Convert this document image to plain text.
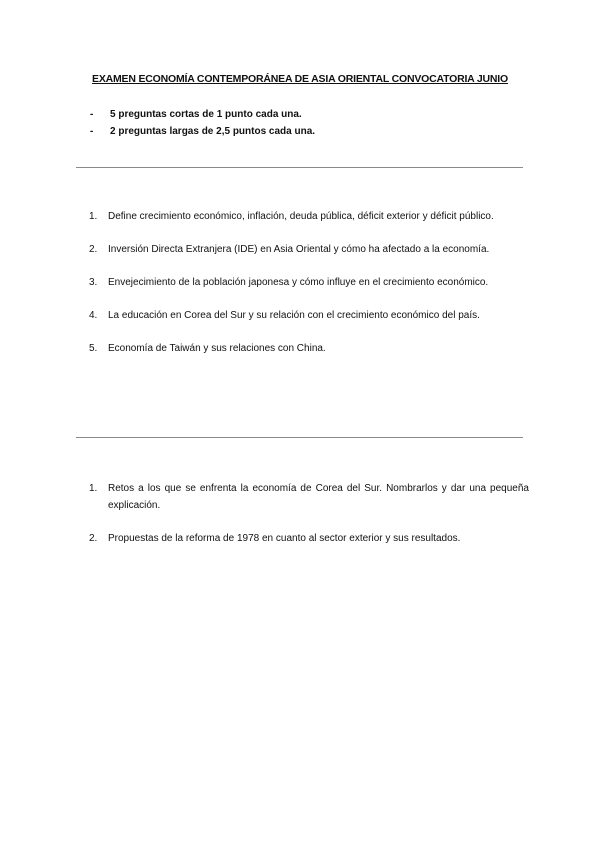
EXAMEN ECONOMÍA CONTEMPORÁNEA DE ASIA ORIENTAL CONVOCATORIA JUNIO
- 5 preguntas cortas de 1 punto cada una.
- 2 preguntas largas de 2,5 puntos cada una.
1. Define crecimiento económico, inflación, deuda pública, déficit exterior y déficit público.
2. Inversión Directa Extranjera (IDE) en Asia Oriental y cómo ha afectado a la economía.
3. Envejecimiento de la población japonesa y cómo influye en el crecimiento económico.
4. La educación en Corea del Sur y su relación con el crecimiento económico del país.
5. Economía de Taiwán y sus relaciones con China.
1. Retos a los que se enfrenta la economía de Corea del Sur. Nombrarlos y dar una pequeña explicación.
2. Propuestas de la reforma de 1978 en cuanto al sector exterior y sus resultados.
